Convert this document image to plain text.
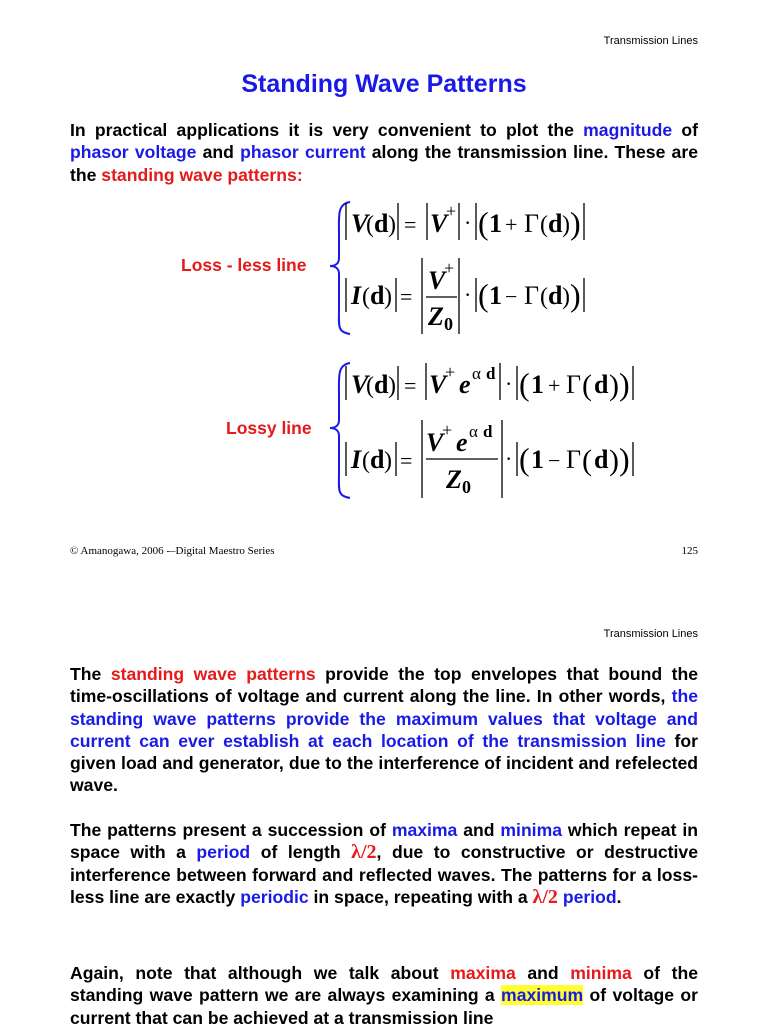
Transmission Lines
Standing Wave Patterns
In practical applications it is very convenient to plot the magnitude of phasor voltage and phasor current along the transmission line. These are the standing wave patterns:
Loss - less line
Lossy line
V
( d ) = V
+ · ( 1 + Γ ( d ) )
I ( d ) =
V
+
Z 0
· ( 1 − Γ ( d ) )
V
( d ) = V
+ e α d · ( 1 + Γ ( d ) )
I ( d ) =
V
+ e α d
Z 0
· ( 1 − Γ ( d ) )
© Amanogawa, 2006 -–Digital Maestro Series	125
Transmission Lines
The standing wave patterns provide the top envelopes that bound the time-oscillations of voltage and current along the line. In other words, the standing wave patterns provide the maximum values that voltage and current can ever establish at each location of the transmission line for given load and generator, due to the interference of incident and refelected wave.
The patterns present a succession of maxima and minima which repeat in space with a period of length λ/2, due to constructive or destructive interference between forward and reflected waves. The patterns for a loss-less line are exactly periodic in space, repeating with a λ/2 period.
Again, note that although we talk about maxima and minima of the standing wave pattern we are always examining a maximum of voltage or current that can be achieved at a transmission line
